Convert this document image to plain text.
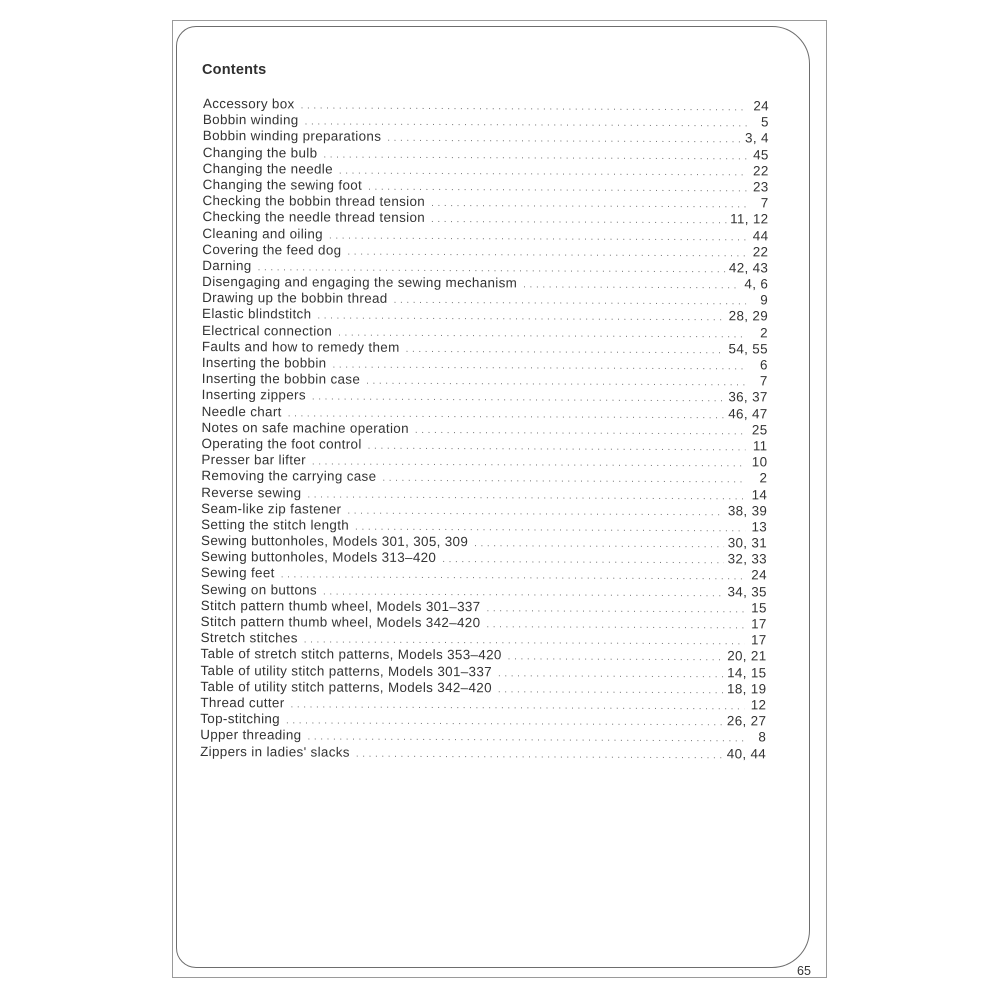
Contents
Accessory box .....	24
Bobbin winding .....	5
Bobbin winding preparations .....	3, 4
Changing the bulb .....	45
Changing the needle .....	22
Changing the sewing foot .....	23
Checking the bobbin thread tension .....	7
Checking the needle thread tension .....	11, 12
Cleaning and oiling .....	44
Covering the feed dog .....	22
Darning .....	42, 43
Disengaging and engaging the sewing mechanism .....	4, 6
Drawing up the bobbin thread .....	9
Elastic blindstitch .....	28, 29
Electrical connection .....	2
Faults and how to remedy them .....	54, 55
Inserting the bobbin .....	6
Inserting the bobbin case .....	7
Inserting zippers .....	36, 37
Needle chart .....	46, 47
Notes on safe machine operation .....	25
Operating the foot control .....	11
Presser bar lifter .....	10
Removing the carrying case .....	2
Reverse sewing .....	14
Seam-like zip fastener .....	38, 39
Setting the stitch length .....	13
Sewing buttonholes, Models 301, 305, 309 .....	30, 31
Sewing buttonholes, Models 313–420 .....	32, 33
Sewing feet .....	24
Sewing on buttons .....	34, 35
Stitch pattern thumb wheel, Models 301–337 .....	15
Stitch pattern thumb wheel, Models 342–420 .....	17
Stretch stitches .....	17
Table of stretch stitch patterns, Models 353–420 .....	20, 21
Table of utility stitch patterns, Models 301–337 .....	14, 15
Table of utility stitch patterns, Models 342–420 .....	18, 19
Thread cutter .....	12
Top-stitching .....	26, 27
Upper threading .....	8
Zippers in ladies' slacks .....	40, 44
65
